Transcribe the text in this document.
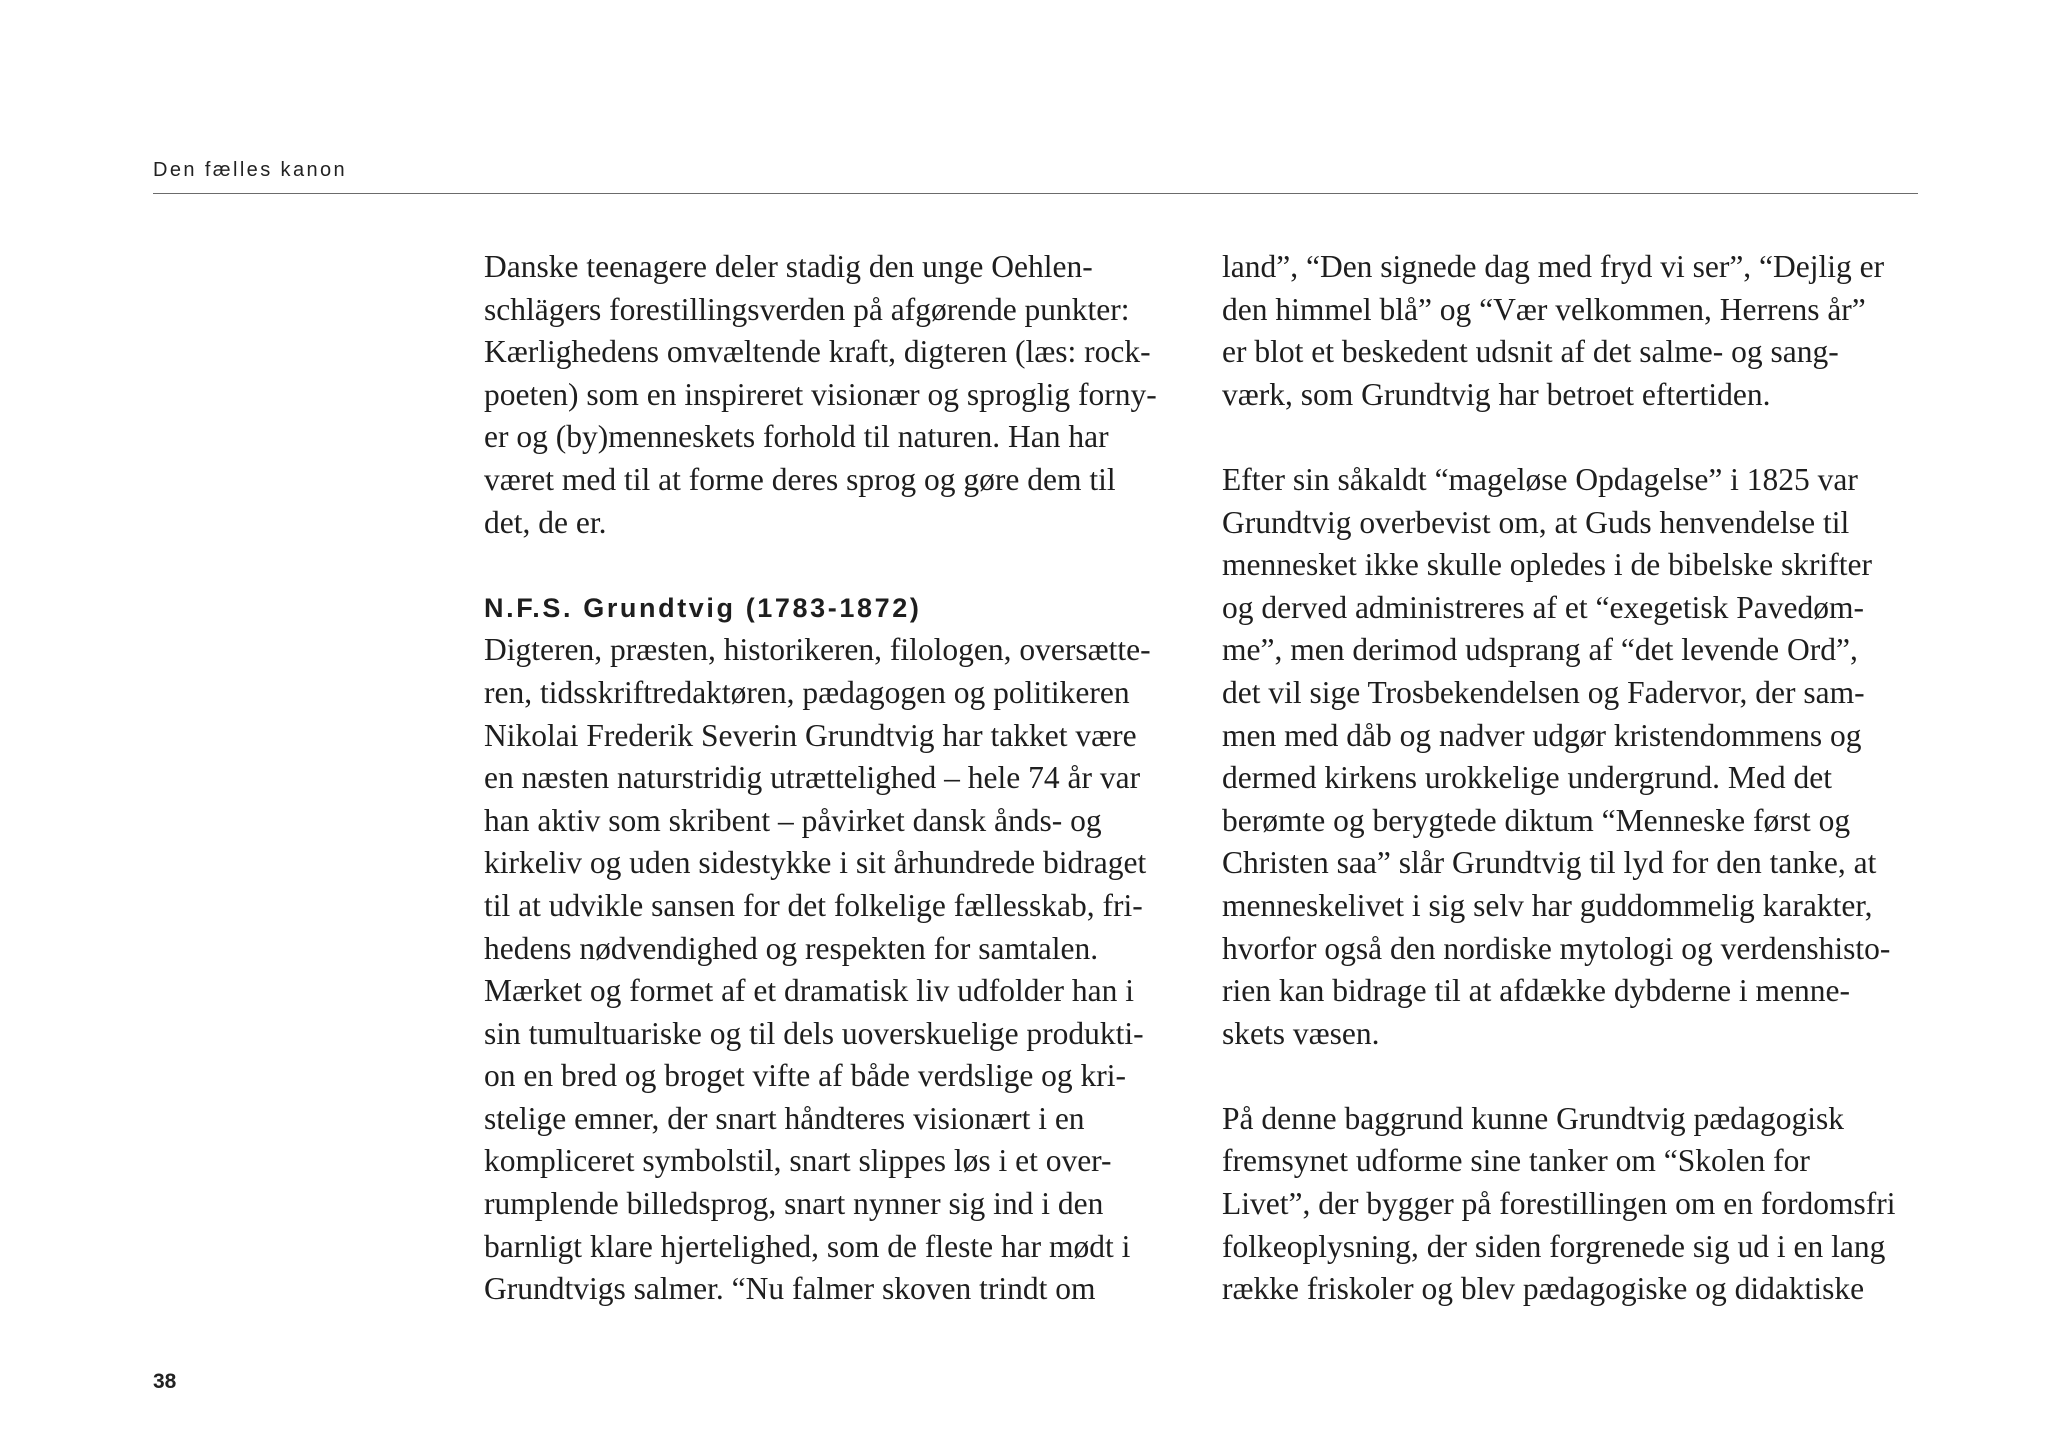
Den fælles kanon
Danske teenagere deler stadig den unge Oehlen-
schlägers forestillingsverden på afgørende punkter:
Kærlighedens omvæltende kraft, digteren (læs: rock-
poeten) som en inspireret visionær og sproglig forny-
er og (by)menneskets forhold til naturen. Han har
været med til at forme deres sprog og gøre dem til
det, de er.
N.F.S. Grundtvig (1783-1872)
Digteren, præsten, historikeren, filologen, oversætte-
ren, tidsskriftredaktøren, pædagogen og politikeren
Nikolai Frederik Severin Grundtvig har takket være
en næsten naturstridig utrættelighed – hele 74 år var
han aktiv som skribent – påvirket dansk ånds- og
kirkeliv og uden sidestykke i sit århundrede bidraget
til at udvikle sansen for det folkelige fællesskab, fri-
hedens nødvendighed og respekten for samtalen.
Mærket og formet af et dramatisk liv udfolder han i
sin tumultuariske og til dels uoverskuelige produkti-
on en bred og broget vifte af både verdslige og kri-
stelige emner, der snart håndteres visionært i en
kompliceret symbolstil, snart slippes løs i et over-
rumplende billedsprog, snart nynner sig ind i den
barnligt klare hjertelighed, som de fleste har mødt i
Grundtvigs salmer. “Nu falmer skoven trindt om
land”, “Den signede dag med fryd vi ser”, “Dejlig er
den himmel blå” og “Vær velkommen, Herrens år”
er blot et beskedent udsnit af det salme- og sang-
værk, som Grundtvig har betroet eftertiden.
Efter sin såkaldt “mageløse Opdagelse” i 1825 var
Grundtvig overbevist om, at Guds henvendelse til
mennesket ikke skulle opledes i de bibelske skrifter
og derved administreres af et “exegetisk Pavedøm-
me”, men derimod udsprang af “det levende Ord”,
det vil sige Trosbekendelsen og Fadervor, der sam-
men med dåb og nadver udgør kristendommens og
dermed kirkens urokkelige undergrund. Med det
berømte og berygtede diktum “Menneske først og
Christen saa” slår Grundtvig til lyd for den tanke, at
menneskelivet i sig selv har guddommelig karakter,
hvorfor også den nordiske mytologi og verdenshisto-
rien kan bidrage til at afdække dybderne i menne-
skets væsen.
På denne baggrund kunne Grundtvig pædagogisk
fremsynet udforme sine tanker om “Skolen for
Livet”, der bygger på forestillingen om en fordomsfri
folkeoplysning, der siden forgrenede sig ud i en lang
række friskoler og blev pædagogiske og didaktiske
38
